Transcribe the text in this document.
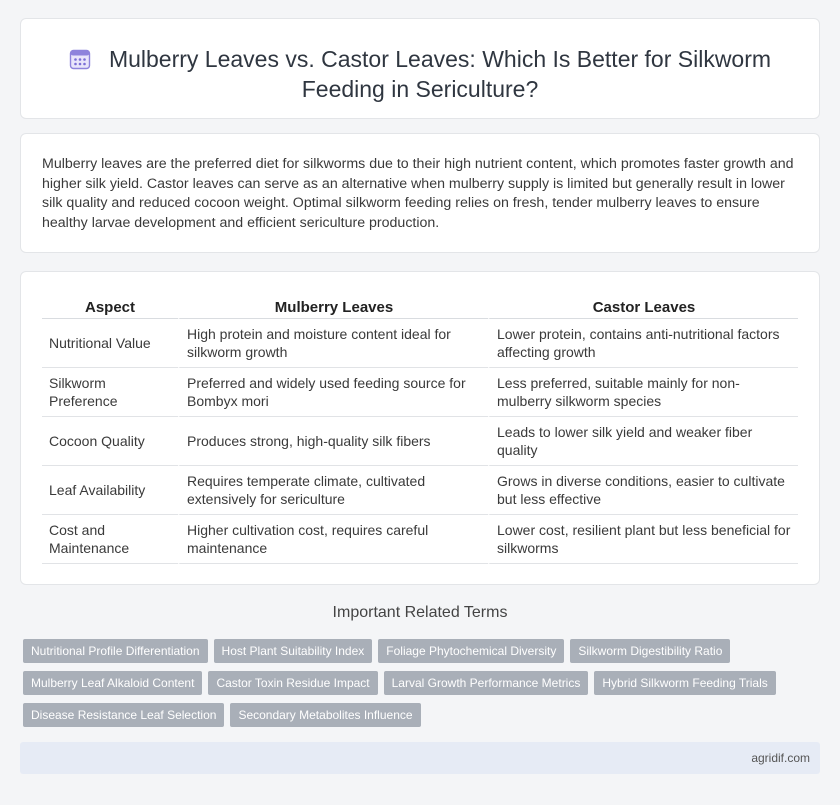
Mulberry Leaves vs. Castor Leaves: Which Is Better for Silkworm Feeding in Sericulture?

Mulberry leaves are the preferred diet for silkworms due to their high nutrient content, which promotes faster growth and higher silk yield. Castor leaves can serve as an alternative when mulberry supply is limited but generally result in lower silk quality and reduced cocoon weight. Optimal silkworm feeding relies on fresh, tender mulberry leaves to ensure healthy larvae development and efficient sericulture production.

Aspect	Mulberry Leaves	Castor Leaves
Nutritional Value	High protein and moisture content ideal for silkworm growth	Lower protein, contains anti-nutritional factors affecting growth
Silkworm Preference	Preferred and widely used feeding source for Bombyx mori	Less preferred, suitable mainly for non-mulberry silkworm species
Cocoon Quality	Produces strong, high-quality silk fibers	Leads to lower silk yield and weaker fiber quality
Leaf Availability	Requires temperate climate, cultivated extensively for sericulture	Grows in diverse conditions, easier to cultivate but less effective
Cost and Maintenance	Higher cultivation cost, requires careful maintenance	Lower cost, resilient plant but less beneficial for silkworms
Important Related Terms
Nutritional Profile Differentiation	Host Plant Suitability Index	Foliage Phytochemical Diversity	Silkworm Digestibility Ratio
Mulberry Leaf Alkaloid Content	Castor Toxin Residue Impact	Larval Growth Performance Metrics	Hybrid Silkworm Feeding Trials
Disease Resistance Leaf Selection	Secondary Metabolites Influence
agridif.com
